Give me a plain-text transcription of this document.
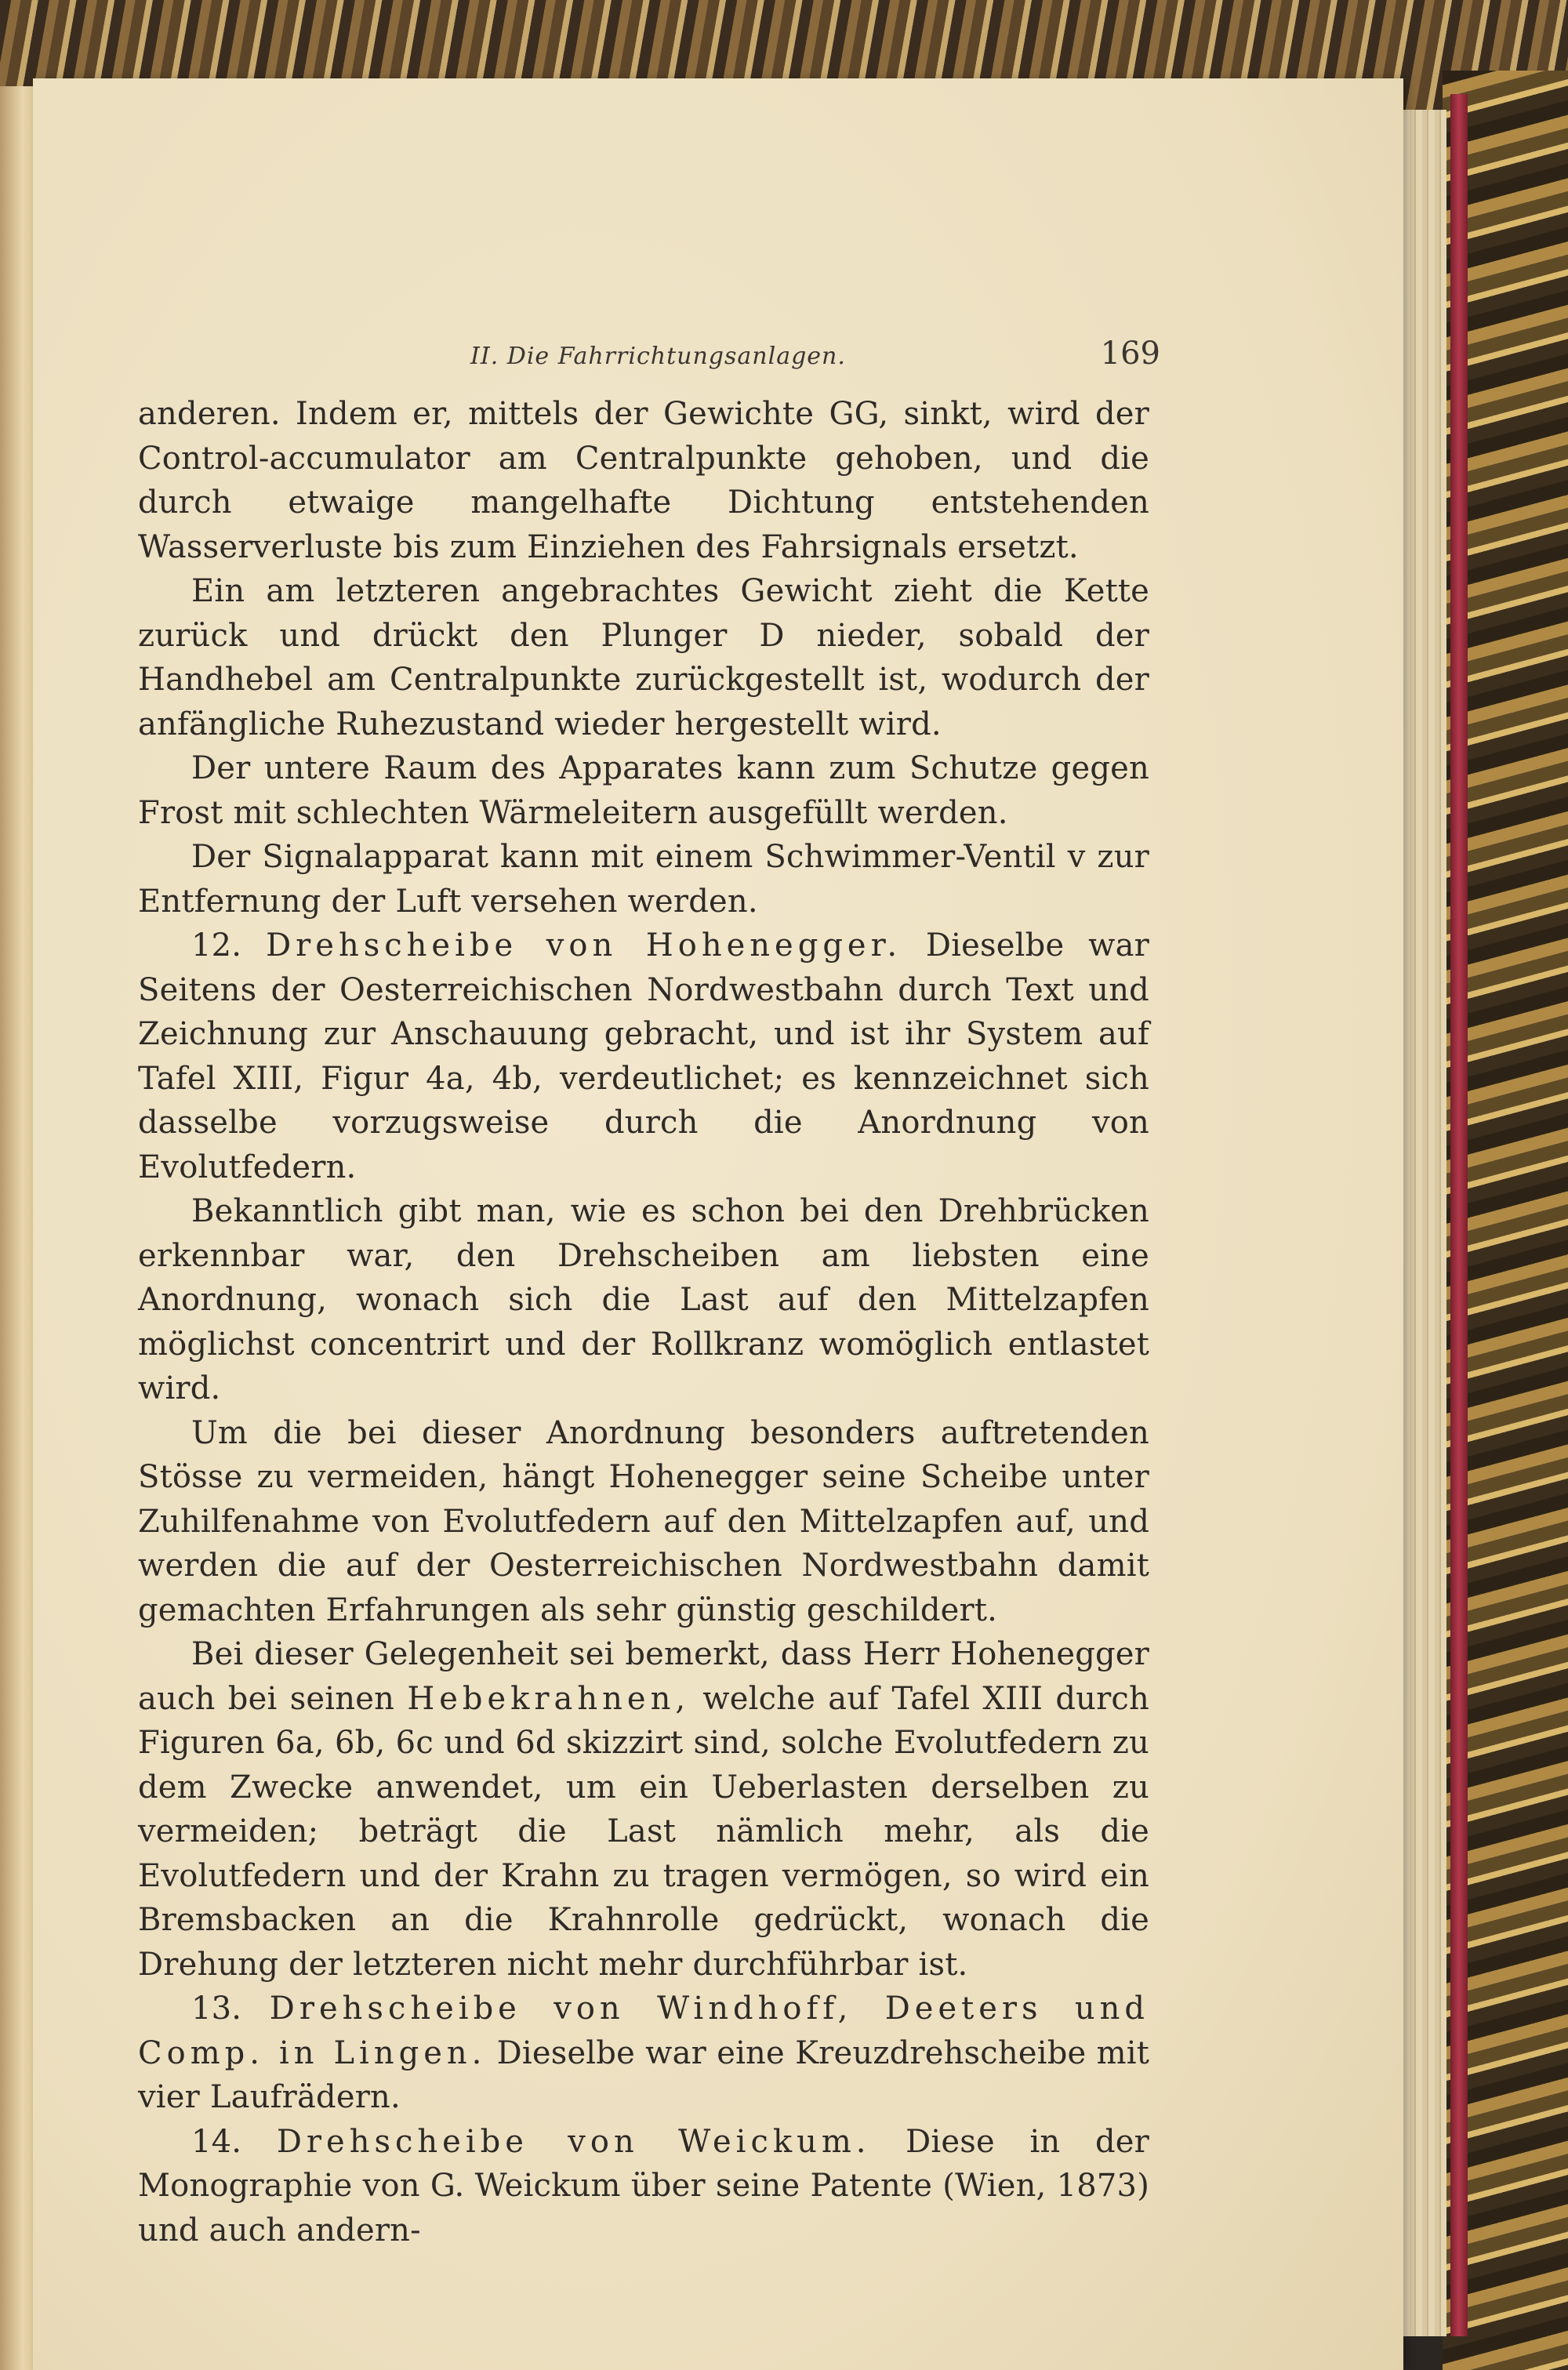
II. Die Fahrrichtungsanlagen.	169

anderen. Indem er, mittels der Gewichte GG, sinkt, wird der Control-accumulator am Centralpunkte gehoben, und die durch etwaige mangelhafte Dichtung entstehenden Wasserverluste bis zum Einziehen des Fahrsignals ersetzt.

Ein am letzteren angebrachtes Gewicht zieht die Kette zurück und drückt den Plunger D nieder, sobald der Handhebel am Centralpunkte zurückgestellt ist, wodurch der anfängliche Ruhezustand wieder hergestellt wird.

Der untere Raum des Apparates kann zum Schutze gegen Frost mit schlechten Wärmeleitern ausgefüllt werden.

Der Signalapparat kann mit einem Schwimmer-Ventil v zur Entfernung der Luft versehen werden.

12. Drehscheibe von Hohenegger. Dieselbe war Seitens der Oesterreichischen Nordwestbahn durch Text und Zeichnung zur Anschauung gebracht, und ist ihr System auf Tafel XIII, Figur 4a, 4b, verdeutlichet; es kennzeichnet sich dasselbe vorzugsweise durch die Anordnung von Evolutfedern.

Bekanntlich gibt man, wie es schon bei den Drehbrücken erkennbar war, den Drehscheiben am liebsten eine Anordnung, wonach sich die Last auf den Mittelzapfen möglichst concentrirt und der Rollkranz womöglich entlastet wird.

Um die bei dieser Anordnung besonders auftretenden Stösse zu vermeiden, hängt Hohenegger seine Scheibe unter Zuhilfenahme von Evolutfedern auf den Mittelzapfen auf, und werden die auf der Oesterreichischen Nordwestbahn damit gemachten Erfahrungen als sehr günstig geschildert.

Bei dieser Gelegenheit sei bemerkt, dass Herr Hohenegger auch bei seinen Hebekrahnen, welche auf Tafel XIII durch Figuren 6a, 6b, 6c und 6d skizzirt sind, solche Evolutfedern zu dem Zwecke anwendet, um ein Ueberlasten derselben zu vermeiden; beträgt die Last nämlich mehr, als die Evolutfedern und der Krahn zu tragen vermögen, so wird ein Bremsbacken an die Krahnrolle gedrückt, wonach die Drehung der letzteren nicht mehr durchführbar ist.

13. Drehscheibe von Windhoff, Deeters und Comp. in Lingen. Dieselbe war eine Kreuzdrehscheibe mit vier Laufrädern.

14. Drehscheibe von Weickum. Diese in der Monographie von G. Weickum über seine Patente (Wien, 1873) und auch andern-
